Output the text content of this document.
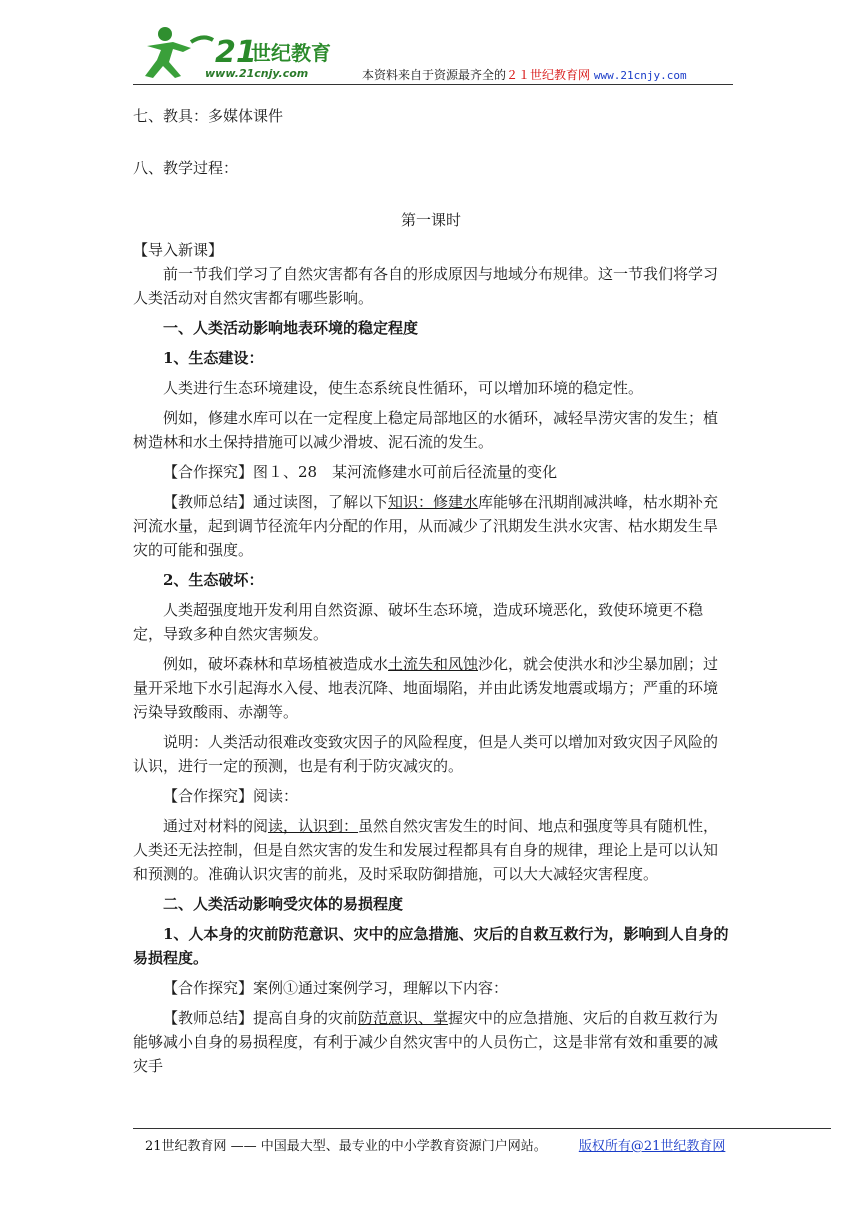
21
世纪教育
www.21cnjy.com	本资料来自于资源最齐全的２１世纪教育网 www.21cnjy.com

七、教具：多媒体课件

八、教学过程：

第一课时

【导入新课】

前一节我们学习了自然灾害都有各自的形成原因与地域分布规律。这一节我们将学习人类活动对自然灾害都有哪些影响。

一、人类活动影响地表环境的稳定程度

1、生态建设：

人类进行生态环境建设，使生态系统良性循环，可以增加环境的稳定性。

例如，修建水库可以在一定程度上稳定局部地区的水循环，减轻旱涝灾害的发生；植树造林和水土保持措施可以减少滑坡、泥石流的发生。

【合作探究】图１、28　某河流修建水可前后径流量的变化

【教师总结】通过读图，了解以下知识：修建水库能够在汛期削减洪峰，枯水期补充河流水量，起到调节径流年内分配的作用，从而减少了汛期发生洪水灾害、枯水期发生旱灾的可能和强度。

2、生态破坏：

人类超强度地开发利用自然资源、破坏生态环境，造成环境恶化，致使环境更不稳定，导致多种自然灾害频发。

例如，破坏森林和草场植被造成水土流失和风蚀沙化，就会使洪水和沙尘暴加剧；过量开采地下水引起海水入侵、地表沉降、地面塌陷，并由此诱发地震或塌方；严重的环境污染导致酸雨、赤潮等。

说明：人类活动很难改变致灾因子的风险程度，但是人类可以增加对致灾因子风险的认识，进行一定的预测，也是有利于防灾减灾的。

【合作探究】阅读：

通过对材料的阅读，认识到：虽然自然灾害发生的时间、地点和强度等具有随机性，人类还无法控制，但是自然灾害的发生和发展过程都具有自身的规律，理论上是可以认知和预测的。准确认识灾害的前兆，及时采取防御措施，可以大大减轻灾害程度。

二、人类活动影响受灾体的易损程度

1、人本身的灾前防范意识、灾中的应急措施、灾后的自救互救行为，影响到人自身的易损程度。

【合作探究】案例①通过案例学习，理解以下内容：

【教师总结】提高自身的灾前防范意识、掌握灾中的应急措施、灾后的自救互救行为能够减小自身的易损程度，有利于减少自然灾害中的人员伤亡，这是非常有效和重要的减灾手

21世纪教育网 —— 中国最大型、最专业的中小学教育资源门户网站。 版权所有@21世纪教育网
